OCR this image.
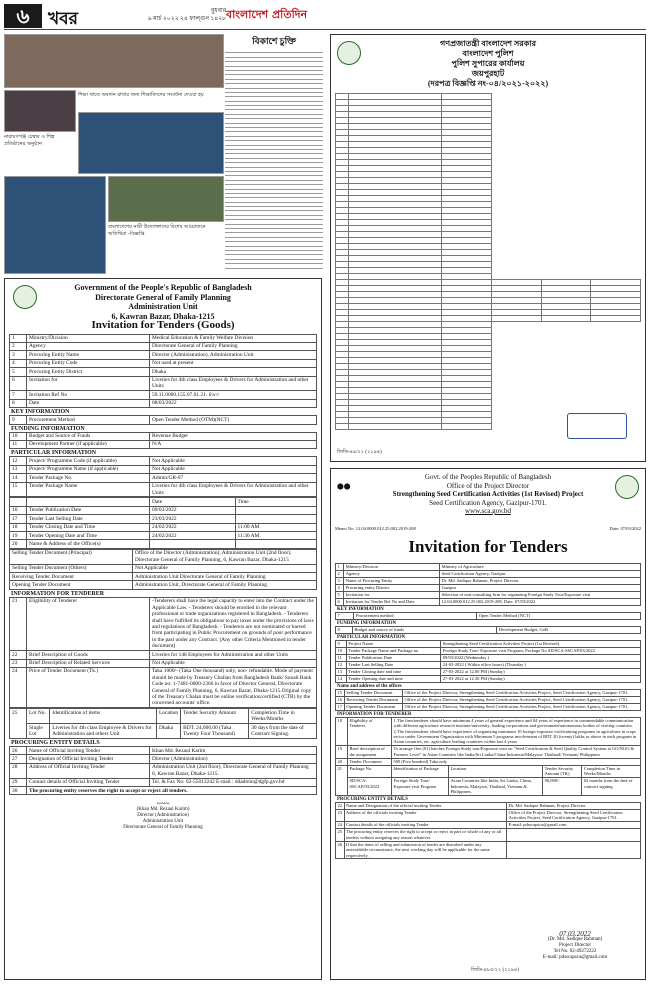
৬	খবর	বুধবার
৯ মার্চ ২০২২ ২৪ ফাল্গুন ১৪২৮ বাংলাদেশ প্রতিদিন
শিক্ষা খাতে অবদান রাখার জন্য শিক্ষাবিদদের সংবর্ধনা দেওয়া হয়
নারায়ণগঞ্জ চেম্বার ও শিল্প প্রতিষ্ঠানের অনুষ্ঠান
বাংলাদেশের নারী উদ্যোক্তাদের বিশেষ আয়োজনে অতিথিরা -বিজ্ঞপ্তি
বিকাশে চুক্তি
Government of the People's Republic of Bangladesh
Directorate General of Family Planning
Administration Unit
6, Kawran Bazar, Dhaka-1215
Invitation for Tenders (Goods)
1	Ministry/Division	Medical Education & Family Welfare Division
2	Agency	Directorate General of Family Planning
3	Procuring Entity Name	Director (Administration), Administration Unit
4	Procuring Entity Code	Not used at present
5	Procuring Entity District	Dhaka
6	Invitation for	Liveries for 4th class Employees & Drivers for Administration and other Units
7	Invitation Ref No	59.11.0000.155.07.01.21. ৪৯৩
8	Date	08/03/2022
KEY INFORMATION
9	Procurement Method	Open Tender Method (OTM)(NCT)
FUNDING INFORMATION
10	Budget and Source of Funds	Revenue Budget
11	Development Partner (if applicable)	N/A
PARTICULAR INFORMATION
12	Project/ Programme Code (if applicable)	Not Applicable
13	Project/ Programme Name (if applicable)	Not Applicable
14	Tender Package No.	Admin/GR-07
15	Tender Package Name	Liveries for 4th class Employees & Drivers for Administration and other Units
		Date	Time
16	Tender Publication Date	09/03/2022	
17	Tender Last Selling Date	23/03/2022	
18	Tender Closing Date and Time	24/02/2022	11:00 AM
19	Tender Opening Date and Time	24/02/2022	11:30 AM.
20	Name & Address of the Office(s)		
Selling Tender Document (Principal)	Office of the Director (Administration), Administration Unit (2nd floor), Directorate General of Family Planning, 6, Kawran Bazar, Dhaka-1215
Selling Tender Document (Others)	Not Applicable
Receiving Tender Document	Administration Unit Directorate General of Family Planning
Opening Tender Document	Administration Unit, Directorate General of Family Planning
INFORMATION FOR TENDERER
21	Eligibility of Tenderer	-Tenderers shall have the legal capacity to enter into the Contract under the Applicable Law. - Tenderers should be enrolled in the relevant professional or trade organizations registered in Bangladesh. - Tenderers shall have fulfilled its obligations to pay taxes under the provisions of laws and regulations of Bangladesh. - Tenderers are not nominated or barred from participating in Public Procurement on grounds of poor performance in the past under any Contract. [Any other Criteria Mentioned in tender document]
22	Brief Description of Goods	Liveries for 148 Employees for Administration and other Units
23	Brief Description of Related Services	Not Applicable
24	Price of Tender Document (Tk.)	Taka 1000/- (Taka One thousand) only, non- refundable. Mode of payment should be made by Treasury Challan from Bangladesh Bank/ Sonali Bank Code no: 1-7481-0000-2366 in favor of Director General, Directorate General of Family Planning, 6, Kawran Bazar, Dhaka-1215.Original copy of the Treasury Chalan must be online verification/certified (CTR) by the concerned accounts' office.
25	Lot No.	Identification of items	Location	Tender Security Amount	Completion Time in Weeks/Months
	Single Lot	Liveries for 4th class Employee & Drivers for Administration and others Unit	Dhaka	BDT. 24,000.00 (Taka Twenty Four Thousand)	30 days from the date of Contract Signing.
PROCURING ENTITY DETAILS
26	Name of Official Inviting Tender	Khan Md. Rezaul Karim
27	Designation of Official Inviting Tender	Director (Administration)
28	Address of Official Inviting Tender	Administration Unit (2nd floor), Directorate General of Family Planning 6, Kawran Bazar, Dhaka-1215.
29	Contact details of Official Inviting Tender	Tel. & Fax No: 02-55013242 E-mail : ddadmin@dgfp.gov.bd
30	The procuring entity reserves the right to accept or reject all tenders.	
~~~
(Khan Md. Rezaul Karim)
Director (Administration)
Administration Unit
Directorate General of Family Planning
গণপ্রজাতন্ত্রী বাংলাদেশ সরকার
বাংলাদেশ পুলিশ
পুলিশ সুপারের কার্যালয়
জয়পুরহাট
(দরপত্র বিজ্ঞপ্তি নং-০৪/২০২১-২০২২)

জিডি-৪৯/২২ (২১৯৪)
⬤⬤
Govt. of the Peoples Republic of Bangladesh
Office of the Project Director
Strengthening Seed Certification Activities (1st Revised) Project
Seed Certification Agency, Gazipur-1701.
www.sca.gov.bd
Memo No: 12.04.0000.012.25.002.2019-208	Date: 07/03/2022
Invitation for Tenders
1	Ministry/Division	Ministry of Agriculture
2	Agency	Seed Certification Agency, Gazipur
3	Name of Procuring Entity	Dr. Md. Sadique Rahman, Project Director.
4	Procuring entity District	Gazipur
5	Invitation for	Selection of non-consulting firm for organizing Foreign Study Tour/Exposure visit
6	Invitation for Tender Ref No and Date	12.04.0000.012.25.002.2019-208, Date: 07/03/2022
KEY INFORMATION
7	Procurement method	Open Tender Method (NCT)
FUNDING INFORMATION
8	Budget and source of funds	Development Budget, GoB
PARTICULAR INFORMATION
9	Project Name	Strengthening Seed Certification Activities Project (1st Revised).
10	Tender Package Name and Package no	Foreign Study Tour/ Exposure visit Program; Package No SD/SCA-SSCAP/03/2022
11	Tender Publication Date	09/03/2022 (Wednesday )
12	Tender Last Selling Date	24-03-2022 ( Within office hours) (Thursday )
13	Tender Closing date and time	27-03-2022 at 12.00 PM (Sunday)
14	Tender Opening date and time	27-03-2022 at 12.30 PM (Sunday)
Name and address of the offices
15	Selling Tender Document	Office of the Project Director, Strengthening Seed Certification Activities Project, Seed Certification Agency, Gazipur-1701.
16	Receiving Tender Document	Office of the Project Director, Strengthening Seed Certification Activities Project, Seed Certification Agency, Gazipur-1701.
17	Opening Tender Document	Office of the Project Director, Strengthening Seed Certification Activities Project, Seed Certification Agency, Gazipur-1701.
INFORMATION FOR TENDERER
18	Eligibility of Tenderer	1.The firm/tenderer should have minimum 4 years of general experience and 04 years of experience in commendable communication with different agriculture research institute/university, leading corporations and government/autonomous bodies of visiting countries. 2.The firm/tenderer should have experience of organizing minimum 10 foreign exposure visit/training programs in agriculture in crops sector under Government Organization with Minimum 5 programs involvement of BDT 20 (twenty) lakhs or above in each program in Asian countries, etc. agriculture leading countries within last 4 years.			
19	Brief description of the assignment	To arrange One (01) batches Foreign Study tour/Exposure visit on "Seed Certification & Seed Quality Control System at GO/NGO & Farmers Level" in Asian Countries like India/Sri Lanka/China/Indonesia/Malaysia/ Thailand/ Vietnam/ Philippines			
20	Tender Document	500 (Five hundred) Taka only			
21	Package No.	Identification of Package	Location	Tender Security Amount (TK)	Completion Time in Weeks/Months
	SD/SCA-SSCAP/03/2022	Foreign Study Tour/ Exposure visit Program	Asian Countries like India, Sri Lanka, China, Indonesia, Malaysia, Thailand, Vietnam & Philippines.	90,000/-	02 months from the date of contract signing
PROCURING ENTITY DETAILS
22	Name and Designation of the official inviting Tender	Dr. Md. Sadique Rahman, Project Director
23	Address of the officials inviting Tender	Office of the Project Director, Strengthening Seed Certification Activities Project, Seed Certification Agency, Gazipur-1701.
24	Contact details of the officials inviting Tender	E-mail: pdsscapsca@gmail.com
25	The procuring entity reserves the right to accept or reject in part or whole of any or all tenders without assigning any reason whatever.	
26	If that the dates of selling and submission of tender are disturbed under any unavoidable circumstance, the next working day will be applicable for the same respectively.	
07.03.2022
(Dr. Md. Sadique Rahman)
Project Director
Tel No. 02-49272222
E-mail: pdsscapsca@gmail.com
জিডি-৪৮৫/২২ (২১৯৪)
